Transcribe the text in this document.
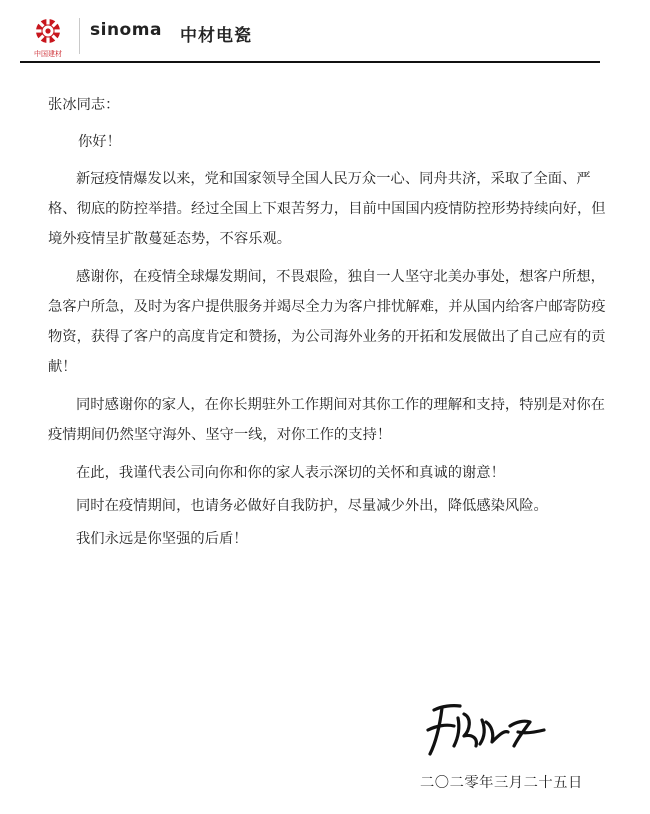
中国建材
sinoma 中材电瓷

张冰同志：

你好！

新冠疫情爆发以来，党和国家领导全国人民万众一心、同舟共济，采取了全面、严格、彻底的防控举措。经过全国上下艰苦努力，目前中国国内疫情防控形势持续向好，但境外疫情呈扩散蔓延态势，不容乐观。

感谢你，在疫情全球爆发期间，不畏艰险，独自一人坚守北美办事处，想客户所想，急客户所急，及时为客户提供服务并竭尽全力为客户排忧解难，并从国内给客户邮寄防疫物资，获得了客户的高度肯定和赞扬，为公司海外业务的开拓和发展做出了自己应有的贡献！

同时感谢你的家人，在你长期驻外工作期间对其你工作的理解和支持，特别是对你在疫情期间仍然坚守海外、坚守一线，对你工作的支持！

在此，我谨代表公司向你和你的家人表示深切的关怀和真诚的谢意！

同时在疫情期间，也请务必做好自我防护，尽量减少外出，降低感染风险。

我们永远是你坚强的后盾！

二〇二零年三月二十五日
